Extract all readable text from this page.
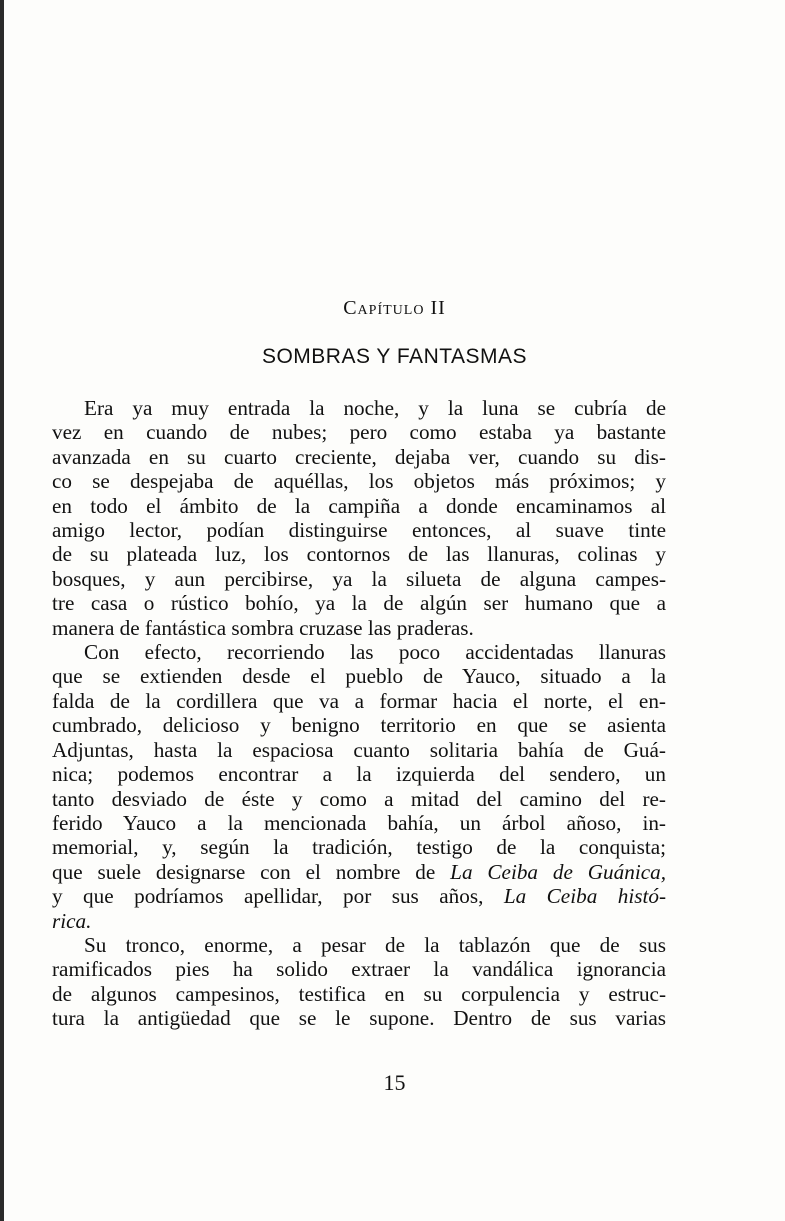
Capítulo II
SOMBRAS Y FANTASMAS
Era ya muy entrada la noche, y la luna se cubría de
vez en cuando de nubes; pero como estaba ya bastante
avanzada en su cuarto creciente, dejaba ver, cuando su dis-
co se despejaba de aquéllas, los objetos más próximos; y
en todo el ámbito de la campiña a donde encaminamos al
amigo lector, podían distinguirse entonces, al suave tinte
de su plateada luz, los contornos de las llanuras, colinas y
bosques, y aun percibirse, ya la silueta de alguna campes-
tre casa o rústico bohío, ya la de algún ser humano que a
manera de fantástica sombra cruzase las praderas.
Con efecto, recorriendo las poco accidentadas llanuras
que se extienden desde el pueblo de Yauco, situado a la
falda de la cordillera que va a formar hacia el norte, el en-
cumbrado, delicioso y benigno territorio en que se asienta
Adjuntas, hasta la espaciosa cuanto solitaria bahía de Guá-
nica; podemos encontrar a la izquierda del sendero, un
tanto desviado de éste y como a mitad del camino del re-
ferido Yauco a la mencionada bahía, un árbol añoso, in-
memorial, y, según la tradición, testigo de la conquista;
que suele designarse con el nombre de La Ceiba de Guánica,
y que podríamos apellidar, por sus años, La Ceiba histó-
rica.
Su tronco, enorme, a pesar de la tablazón que de sus
ramificados pies ha solido extraer la vandálica ignorancia
de algunos campesinos, testifica en su corpulencia y estruc-
tura la antigüedad que se le supone. Dentro de sus varias
15
